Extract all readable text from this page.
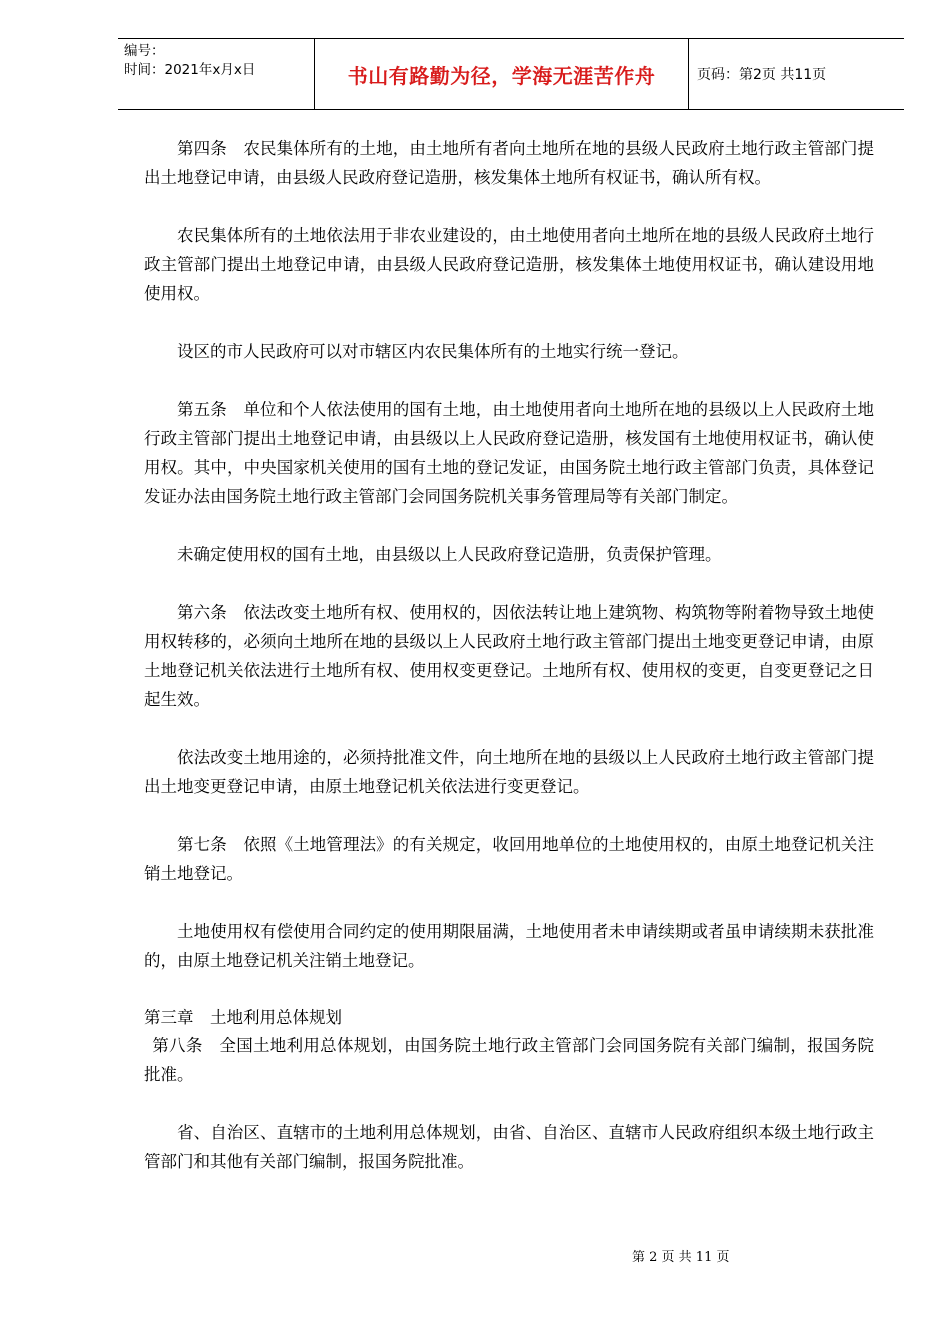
编号：
时间：2021年x月x日	书山有路勤为径，学海无涯苦作舟	页码：第2页 共11页

第四条　农民集体所有的土地，由土地所有者向土地所在地的县级人民政府土地行政主管部门提出土地登记申请，由县级人民政府登记造册，核发集体土地所有权证书，确认所有权。

农民集体所有的土地依法用于非农业建设的，由土地使用者向土地所在地的县级人民政府土地行政主管部门提出土地登记申请，由县级人民政府登记造册，核发集体土地使用权证书，确认建设用地使用权。

设区的市人民政府可以对市辖区内农民集体所有的土地实行统一登记。

第五条　单位和个人依法使用的国有土地，由土地使用者向土地所在地的县级以上人民政府土地行政主管部门提出土地登记申请，由县级以上人民政府登记造册，核发国有土地使用权证书，确认使用权。其中，中央国家机关使用的国有土地的登记发证，由国务院土地行政主管部门负责，具体登记发证办法由国务院土地行政主管部门会同国务院机关事务管理局等有关部门制定。

未确定使用权的国有土地，由县级以上人民政府登记造册，负责保护管理。

第六条　依法改变土地所有权、使用权的，因依法转让地上建筑物、构筑物等附着物导致土地使用权转移的，必须向土地所在地的县级以上人民政府土地行政主管部门提出土地变更登记申请，由原土地登记机关依法进行土地所有权、使用权变更登记。土地所有权、使用权的变更，自变更登记之日起生效。

依法改变土地用途的，必须持批准文件，向土地所在地的县级以上人民政府土地行政主管部门提出土地变更登记申请，由原土地登记机关依法进行变更登记。

第七条　依照《土地管理法》的有关规定，收回用地单位的土地使用权的，由原土地登记机关注销土地登记。

土地使用权有偿使用合同约定的使用期限届满，土地使用者未申请续期或者虽申请续期未获批准的，由原土地登记机关注销土地登记。

第三章　土地利用总体规划

第八条　全国土地利用总体规划，由国务院土地行政主管部门会同国务院有关部门编制，报国务院批准。

省、自治区、直辖市的土地利用总体规划，由省、自治区、直辖市人民政府组织本级土地行政主管部门和其他有关部门编制，报国务院批准。

第 2 页 共 11 页
